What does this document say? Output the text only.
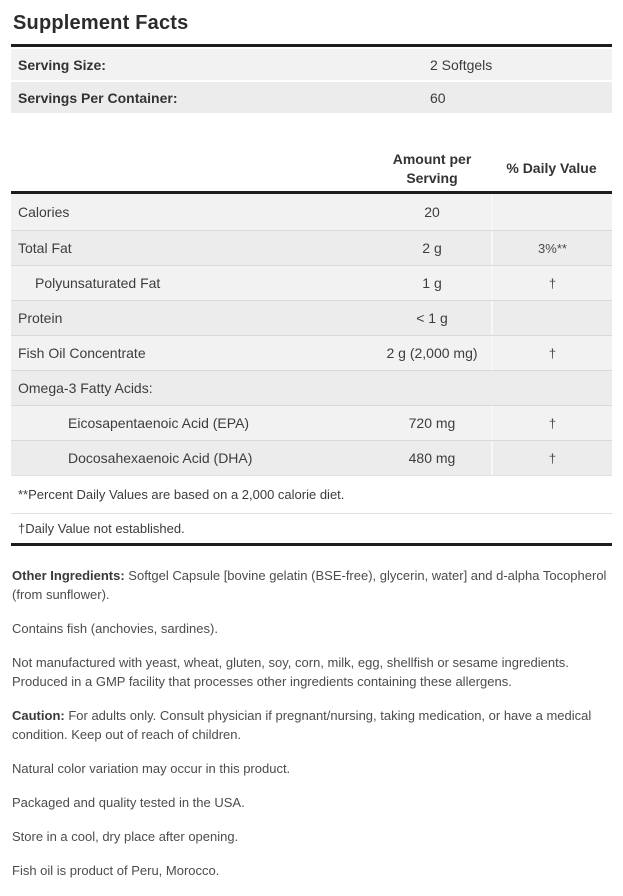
Supplement Facts
Serving Size:	2 Softgels
Servings Per Container:	60
Amount per Serving
% Daily Value
Calories	20
Total Fat	2 g	3%**
Polyunsaturated Fat	1 g	†
Protein	< 1 g
Fish Oil Concentrate	2 g (2,000 mg)	†
Omega-3 Fatty Acids:
Eicosapentaenoic Acid (EPA)	720 mg	†
Docosahexaenoic Acid (DHA)	480 mg	†
**Percent Daily Values are based on a 2,000 calorie diet.
†Daily Value not established.

Other Ingredients: Softgel Capsule [bovine gelatin (BSE-free), glycerin, water] and d-alpha Tocopherol (from sunflower).

Contains fish (anchovies, sardines).

Not manufactured with yeast, wheat, gluten, soy, corn, milk, egg, shellfish or sesame ingredients. Produced in a GMP facility that processes other ingredients containing these allergens.

Caution: For adults only. Consult physician if pregnant/nursing, taking medication, or have a medical condition. Keep out of reach of children.

Natural color variation may occur in this product.

Packaged and quality tested in the USA.

Store in a cool, dry place after opening.

Fish oil is product of Peru, Morocco.
